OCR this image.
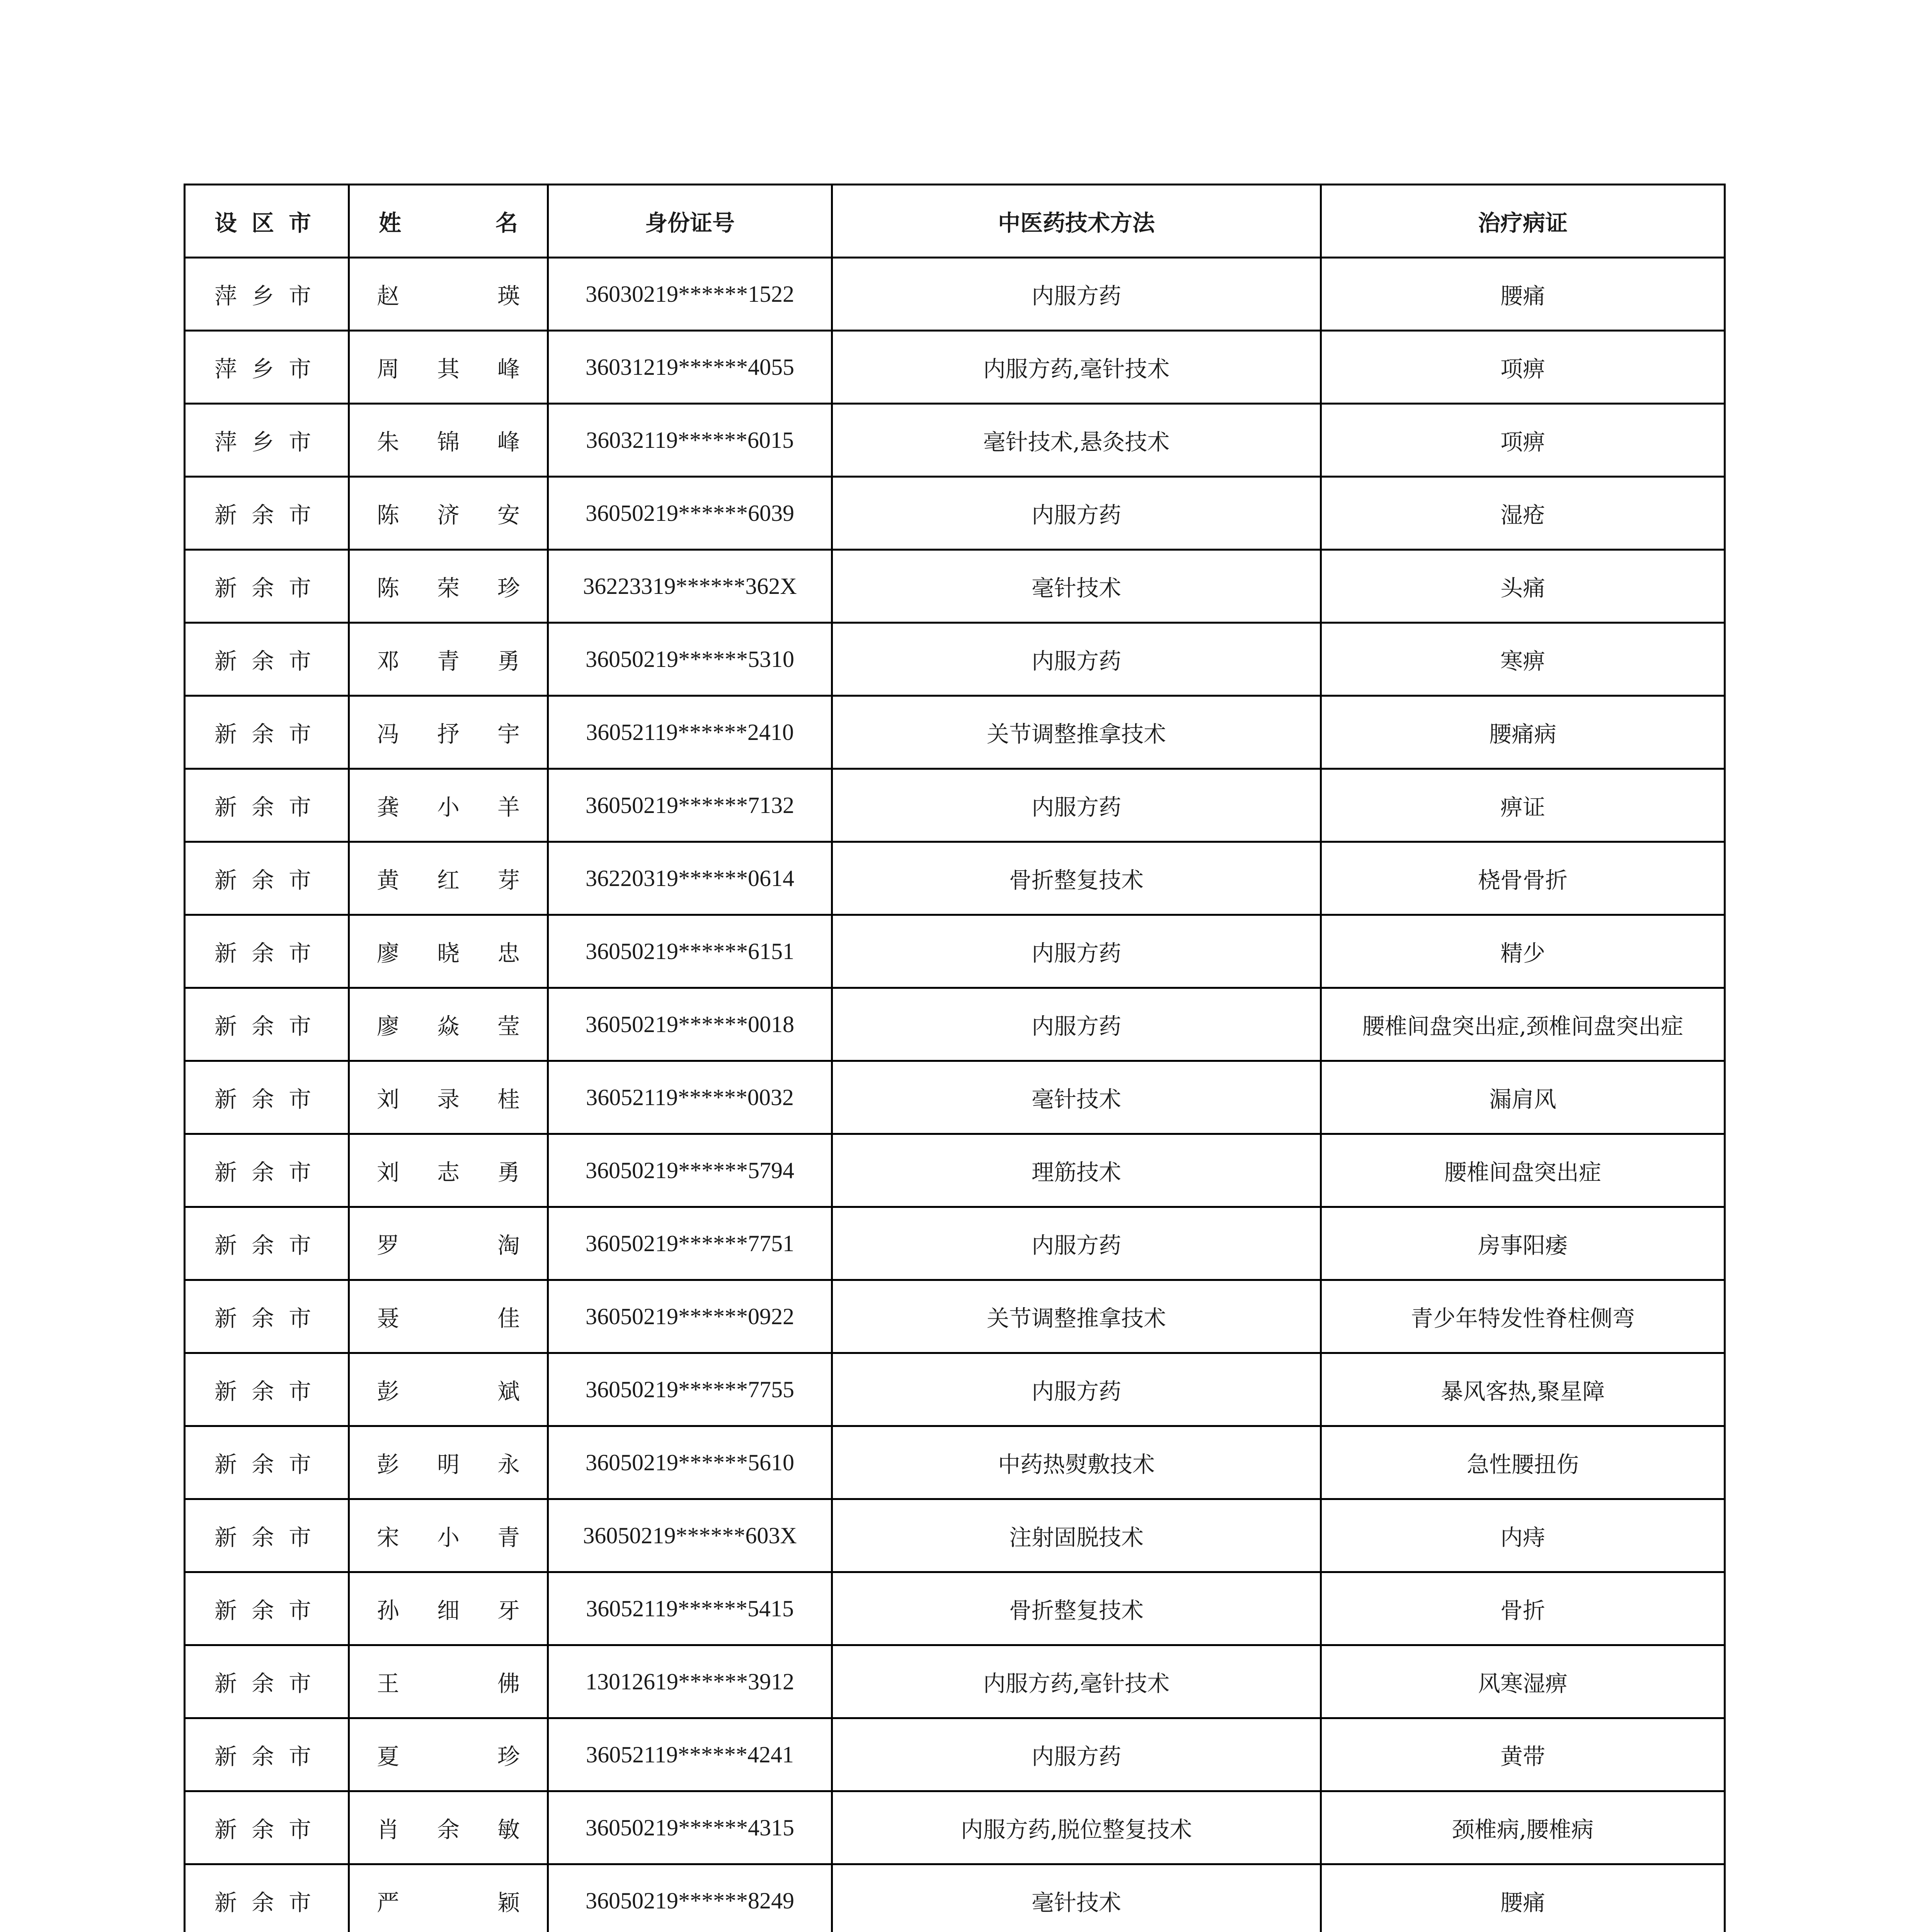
设 区 市	姓 名	身份证号	中医药技术方法	治疗病证

萍 乡 市	赵 瑛	36030219******1522	内服方药	腰痛

萍 乡 市	周 其 峰	36031219******4055	内服方药,毫针技术	项痹

萍 乡 市	朱 锦 峰	36032119******6015	毫针技术,悬灸技术	项痹

新 余 市	陈 济 安	36050219******6039	内服方药	湿疮

新 余 市	陈 荣 珍	36223319******362X	毫针技术	头痛

新 余 市	邓 青 勇	36050219******5310	内服方药	寒痹

新 余 市	冯 抒 宇	36052119******2410	关节调整推拿技术	腰痛病

新 余 市	龚 小 羊	36050219******7132	内服方药	痹证

新 余 市	黄 红 芽	36220319******0614	骨折整复技术	桡骨骨折

新 余 市	廖 晓 忠	36050219******6151	内服方药	精少

新 余 市	廖 焱 莹	36050219******0018	内服方药	腰椎间盘突出症,颈椎间盘突出症

新 余 市	刘 录 桂	36052119******0032	毫针技术	漏肩风

新 余 市	刘 志 勇	36050219******5794	理筋技术	腰椎间盘突出症

新 余 市	罗 淘	36050219******7751	内服方药	房事阳痿

新 余 市	聂 佳	36050219******0922	关节调整推拿技术	青少年特发性脊柱侧弯

新 余 市	彭 斌	36050219******7755	内服方药	暴风客热,聚星障

新 余 市	彭 明 永	36050219******5610	中药热熨敷技术	急性腰扭伤

新 余 市	宋 小 青	36050219******603X	注射固脱技术	内痔

新 余 市	孙 细 牙	36052119******5415	骨折整复技术	骨折

新 余 市	王 佛	13012619******3912	内服方药,毫针技术	风寒湿痹

新 余 市	夏 珍	36052119******4241	内服方药	黄带

新 余 市	肖 余 敏	36050219******4315	内服方药,脱位整复技术	颈椎病,腰椎病

新 余 市	严 颖	36050219******8249	毫针技术	腰痛
